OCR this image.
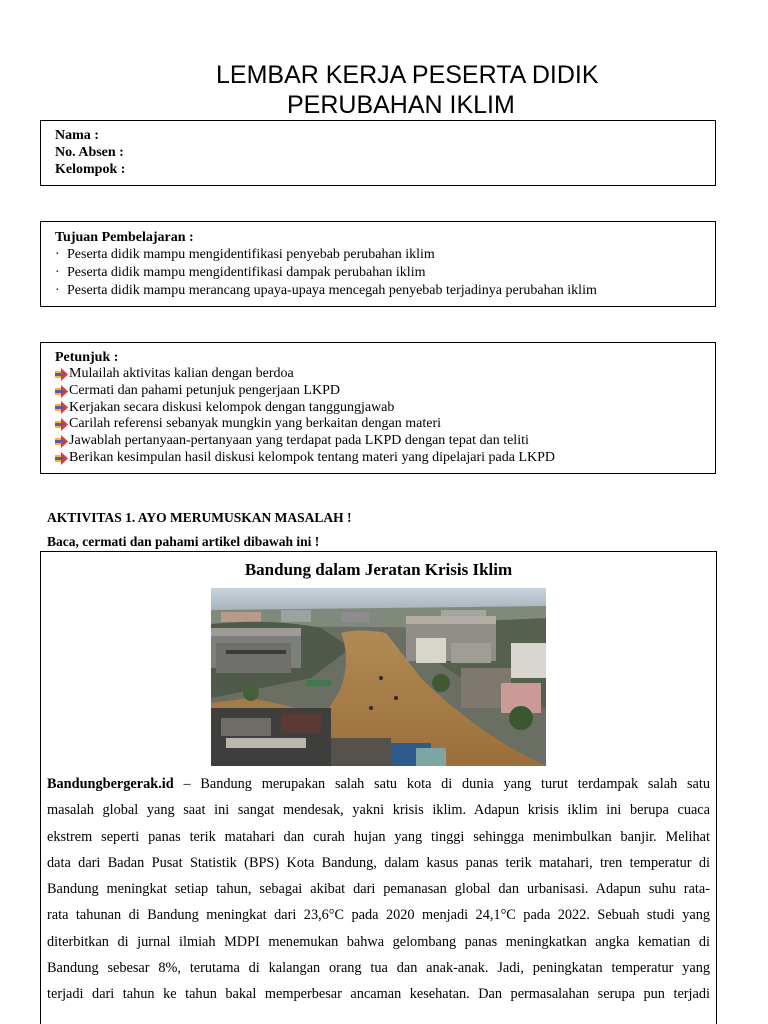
LEMBAR KERJA PESERTA DIDIK
PERUBAHAN IKLIM
Nama :
No. Absen :
Kelompok :
Tujuan Pembelajaran :
· Peserta didik mampu mengidentifikasi penyebab perubahan iklim
· Peserta didik mampu mengidentifikasi dampak perubahan iklim
· Peserta didik mampu merancang upaya-upaya mencegah penyebab terjadinya perubahan iklim
Petunjuk :
Mulailah aktivitas kalian dengan berdoa
Cermati dan pahami petunjuk pengerjaan LKPD
Kerjakan secara diskusi kelompok dengan tanggungjawab
Carilah referensi sebanyak mungkin yang berkaitan dengan materi
Jawablah pertanyaan-pertanyaan yang terdapat pada LKPD dengan tepat dan teliti
Berikan kesimpulan hasil diskusi kelompok tentang materi yang dipelajari pada LKPD
AKTIVITAS 1. AYO MERUMUSKAN MASALAH !
Baca, cermati dan pahami artikel dibawah ini !
Bandung dalam Jeratan Krisis Iklim
Bandungbergerak.id – Bandung merupakan salah satu kota di dunia yang turut terdampak salah satu
masalah global yang saat ini sangat mendesak, yakni krisis iklim. Adapun krisis iklim ini berupa cuaca
ekstrem seperti panas terik matahari dan curah hujan yang tinggi sehingga menimbulkan banjir. Melihat
data dari Badan Pusat Statistik (BPS) Kota Bandung, dalam kasus panas terik matahari, tren temperatur di
Bandung meningkat setiap tahun, sebagai akibat dari pemanasan global dan urbanisasi. Adapun suhu rata-
rata tahunan di Bandung meningkat dari 23,6°C pada 2020 menjadi 24,1°C pada 2022. Sebuah studi yang
diterbitkan di jurnal ilmiah MDPI menemukan bahwa gelombang panas meningkatkan angka kematian di
Bandung sebesar 8%, terutama di kalangan orang tua dan anak-anak. Jadi, peningkatan temperatur yang
terjadi dari tahun ke tahun bakal memperbesar ancaman kesehatan. Dan permasalahan serupa pun terjadi
